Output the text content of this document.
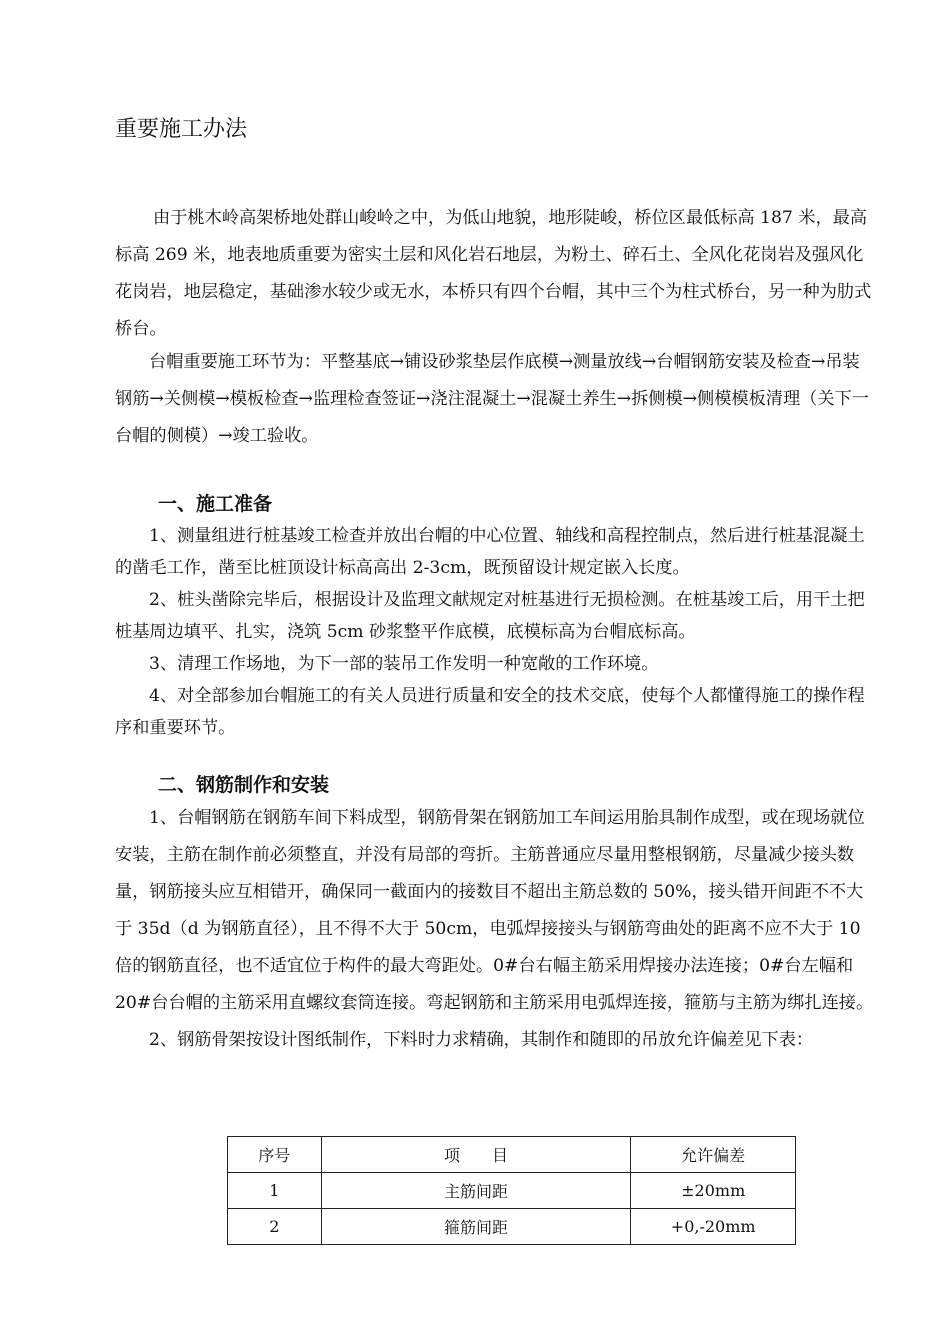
重要施工办法

由于桃木岭高架桥地处群山峻岭之中，为低山地貌，地形陡峻，桥位区最低标高 187 米，最高标高 269 米，地表地质重要为密实土层和风化岩石地层，为粉土、碎石土、全风化花岗岩及强风化花岗岩，地层稳定，基础渗水较少或无水，本桥只有四个台帽，其中三个为柱式桥台，另一种为肋式桥台。

台帽重要施工环节为：平整基底→铺设砂浆垫层作底模→测量放线→台帽钢筋安装及检查→吊装钢筋→关侧模→模板检查→监理检查签证→浇注混凝土→混凝土养生→拆侧模→侧模模板清理（关下一台帽的侧模）→竣工验收。

一、施工准备

1、测量组进行桩基竣工检查并放出台帽的中心位置、轴线和高程控制点，然后进行桩基混凝土的凿毛工作，凿至比桩顶设计标高高出 2-3cm，既预留设计规定嵌入长度。

2、桩头凿除完毕后，根据设计及监理文献规定对桩基进行无损检测。在桩基竣工后，用干土把桩基周边填平、扎实，浇筑 5cm 砂浆整平作底模，底模标高为台帽底标高。

3、清理工作场地，为下一部的装吊工作发明一种宽敞的工作环境。

4、对全部参加台帽施工的有关人员进行质量和安全的技术交底，使每个人都懂得施工的操作程序和重要环节。

二、钢筋制作和安装

1、台帽钢筋在钢筋车间下料成型，钢筋骨架在钢筋加工车间运用胎具制作成型，或在现场就位安装，主筋在制作前必须整直，并没有局部的弯折。主筋普通应尽量用整根钢筋，尽量减少接头数量，钢筋接头应互相错开，确保同一截面内的接数目不超出主筋总数的 50%，接头错开间距不不大于 35d（d 为钢筋直径），且不得不大于 50cm，电弧焊接接头与钢筋弯曲处的距离不应不大于 10 倍的钢筋直径，也不适宜位于构件的最大弯距处。0#台右幅主筋采用焊接办法连接；0#台左幅和 20#台台帽的主筋采用直螺纹套筒连接。弯起钢筋和主筋采用电弧焊连接，箍筋与主筋为绑扎连接。

2、钢筋骨架按设计图纸制作，下料时力求精确，其制作和随即的吊放允许偏差见下表：

序号	项　　目	允许偏差
1	主筋间距	±20mm
2	箍筋间距	+0,-20mm
